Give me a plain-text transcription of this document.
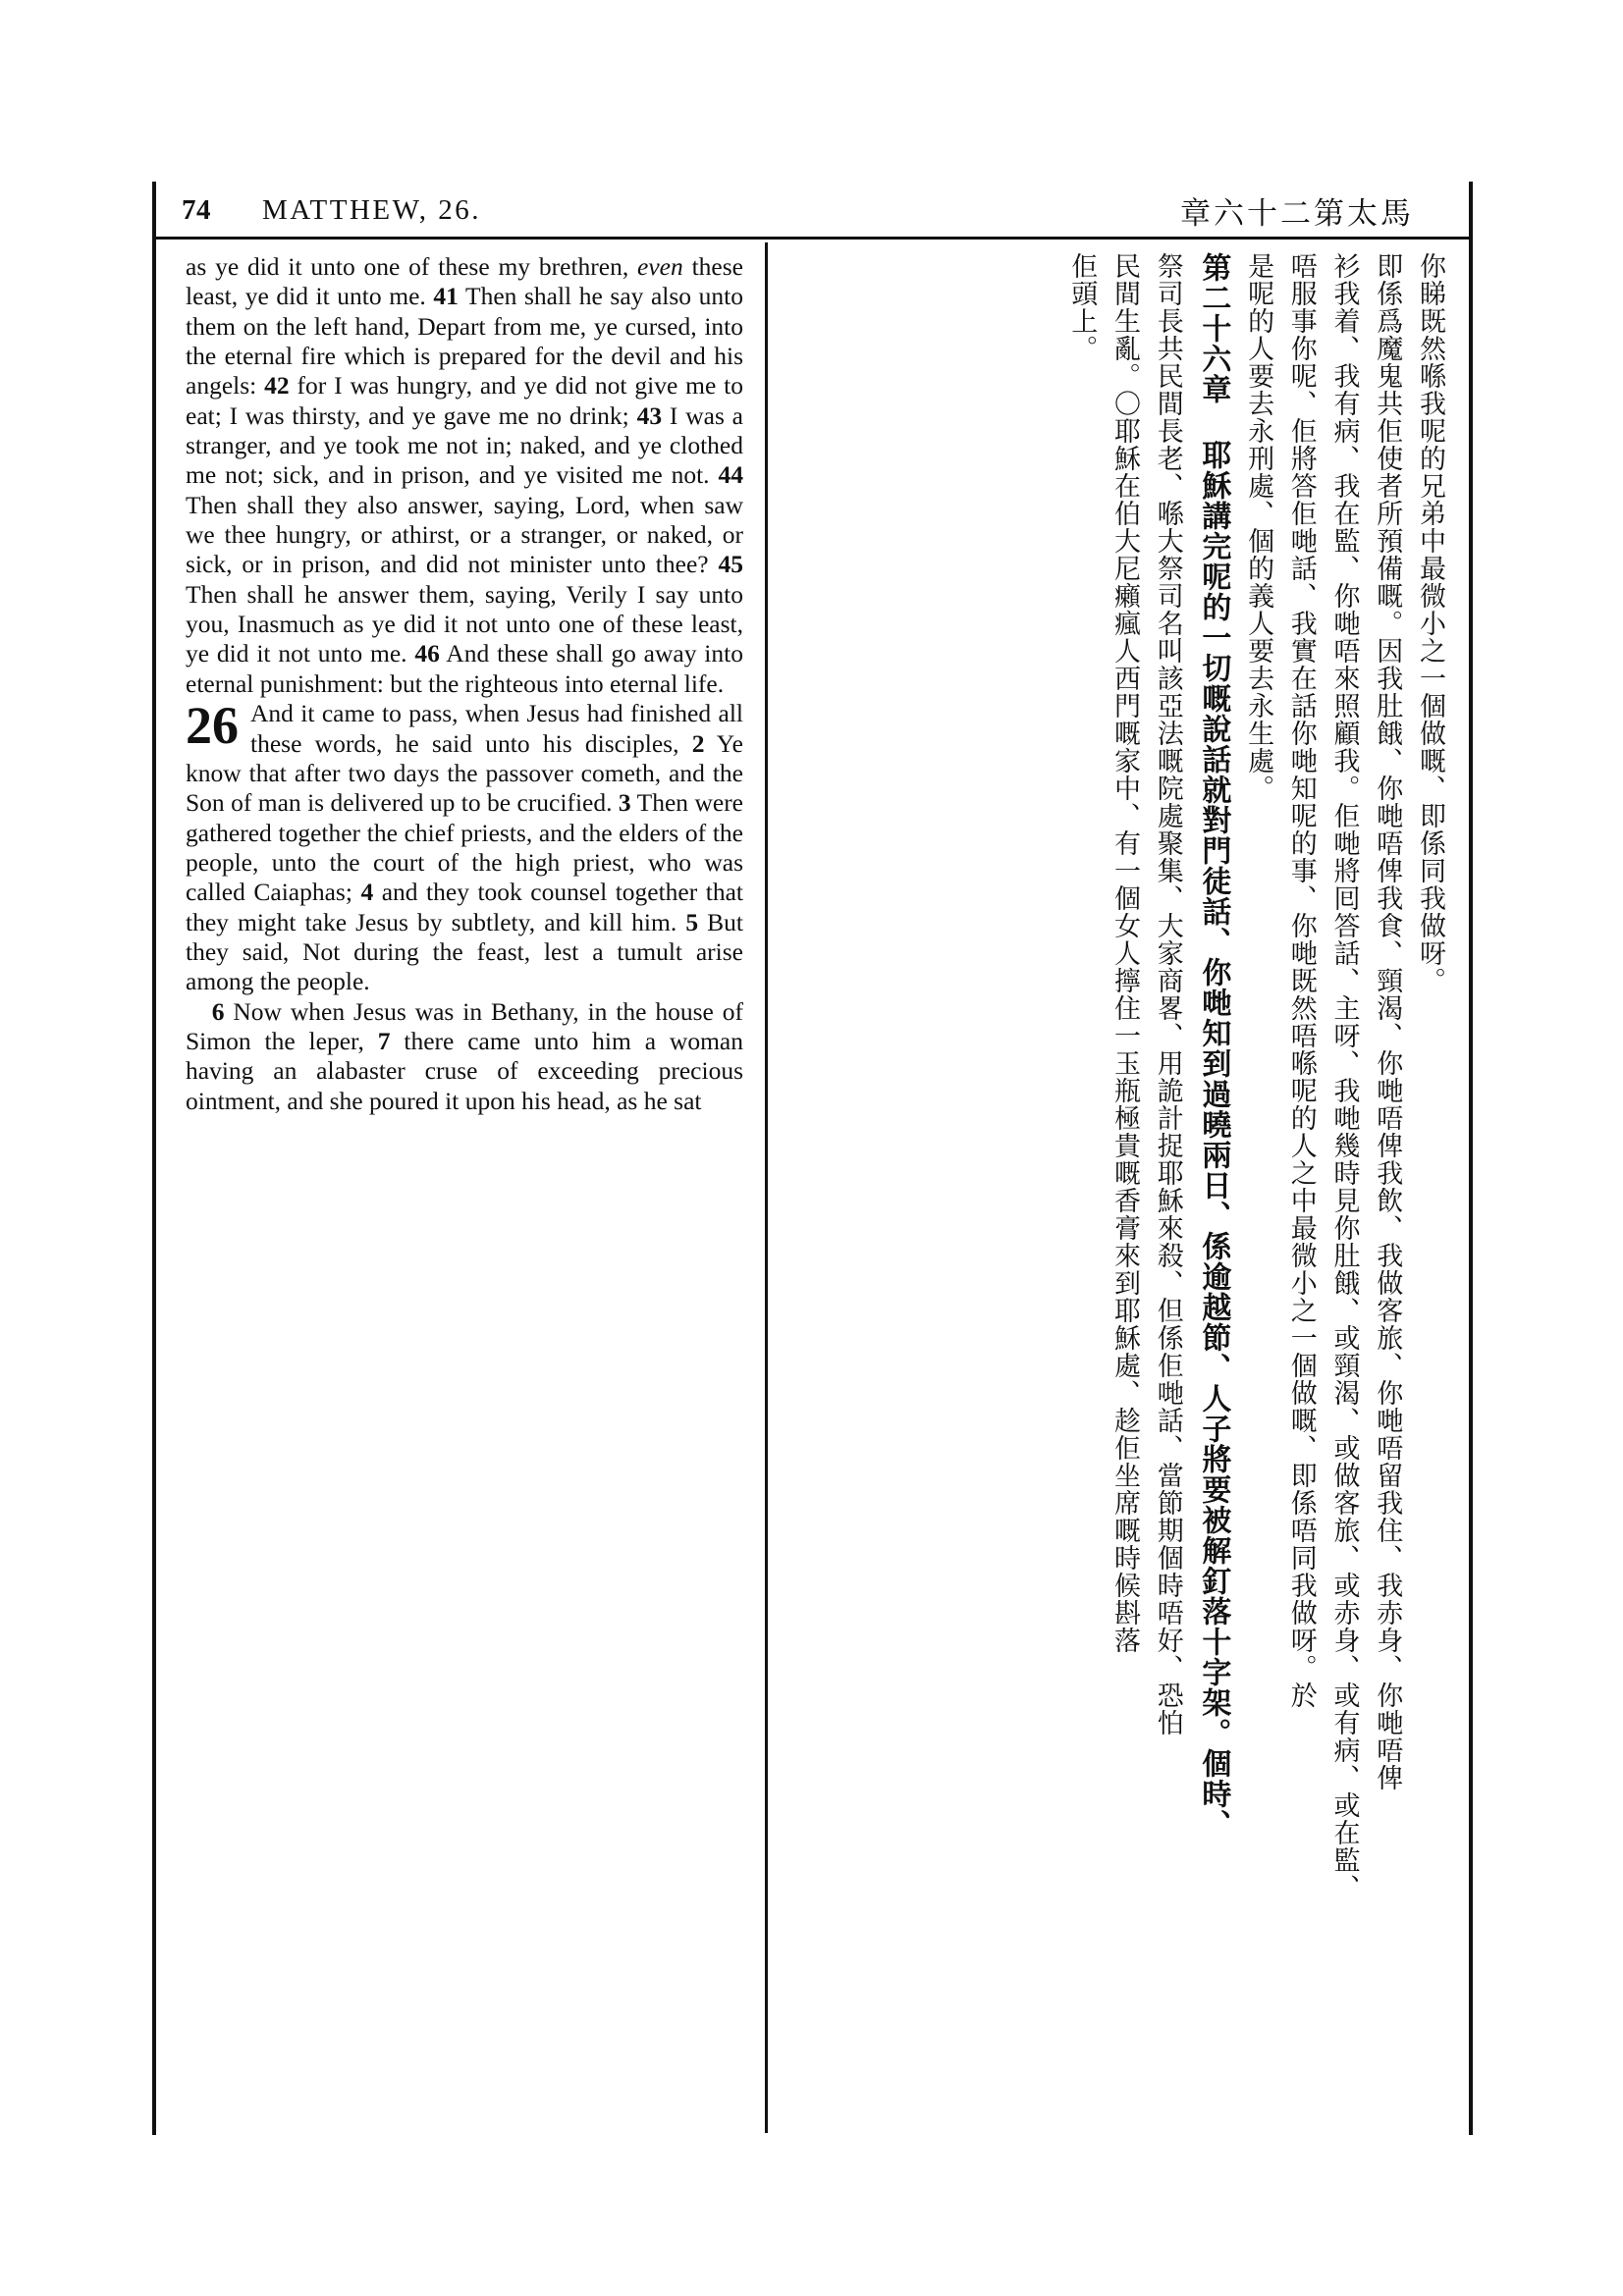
74 MATTHEW, 26.	章六十二第太馬

as ye did it unto one of these my brethren, even these least, ye did it unto me. 41 Then shall he say also unto them on the left hand, Depart from me, ye cursed, into the eternal fire which is prepared for the devil and his angels: 42 for I was hungry, and ye did not give me to eat; I was thirsty, and ye gave me no drink; 43 I was a stranger, and ye took me not in; naked, and ye clothed me not; sick, and in prison, and ye visited me not. 44 Then shall they also answer, saying, Lord, when saw we thee hungry, or athirst, or a stranger, or naked, or sick, or in prison, and did not minister unto thee? 45 Then shall he answer them, saying, Verily I say unto you, Inasmuch as ye did it not unto one of these least, ye did it not unto me. 46 And these shall go away into eternal punishment: but the righteous into eternal life.

26 And it came to pass, when Jesus had finished all these words, he said unto his disciples, 2 Ye know that after two days the passover cometh, and the Son of man is delivered up to be crucified. 3 Then were gathered together the chief priests, and the elders of the people, unto the court of the high priest, who was called Caiaphas; 4 and they took counsel together that they might take Jesus by subtlety, and kill him. 5 But they said, Not during the feast, lest a tumult arise among the people.

6 Now when Jesus was in Bethany, in the house of Simon the leper, 7 there came unto him a woman having an alabaster cruse of exceeding precious ointment, and she poured it upon his head, as he sat

你睇既然喺我呢的兄弟中最微小之一個做嘅、即係同我做呀。

即係爲魔鬼共佢使者所預備嘅。因我肚餓、你哋唔俾我食、頸渴、你哋唔俾我飲、我做客旅、你哋唔留我住、我赤身、你哋唔俾

衫我着、我有病、我在監、你哋唔來照顧我。佢哋將囘答話、主呀、我哋幾時見你肚餓、或頸渴、或做客旅、或赤身、或有病、或在監、

唔服事你呢、佢將答佢哋話、我實在話你哋知呢的事、你哋既然唔喺呢的人之中最微小之一個做嘅、即係唔同我做呀。於

是呢的人要去永刑處、個的義人要去永生處。

第二十六章 耶穌講完呢的一切嘅說話就對門徒話、你哋知到過曉兩日、係逾越節、人子將要被解釘落十字架。個時、

祭司長共民間長老、喺大祭司名叫該亞法嘅院處聚集、大家商畧、用詭計捉耶穌來殺、但係佢哋話、當節期個時唔好、恐怕

民間生亂。〇耶穌在伯大尼癩瘋人西門嘅家中、有一個女人擰住一玉瓶極貴嘅香膏來到耶穌處、趁佢坐席嘅時候斟落

佢頭上。
